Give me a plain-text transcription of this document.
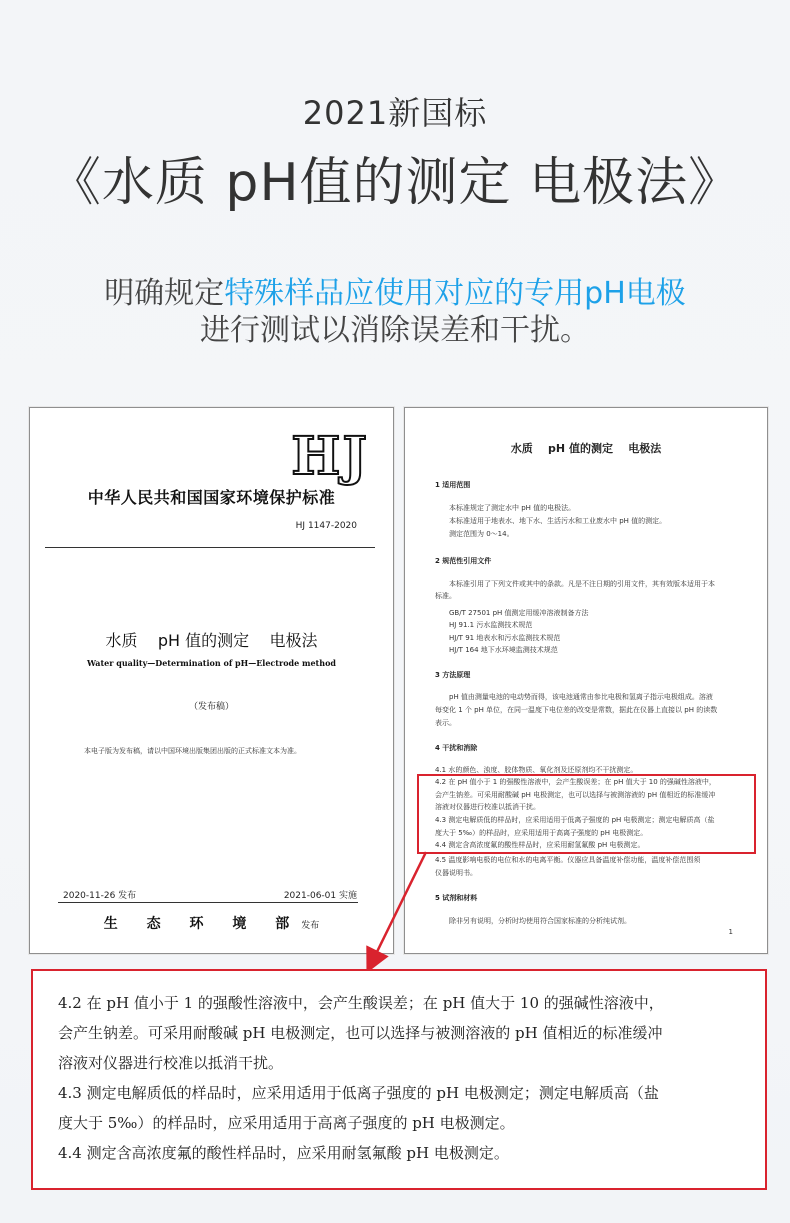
2021新国标
《水质 pH值的测定 电极法》
明确规定特殊样品应使用对应的专用pH电极
进行测试以消除误差和干扰。
HJ
中华人民共和国国家环境保护标准
HJ 1147-2020
水质    pH 值的测定    电极法
Water quality—Determination of pH—Electrode method
（发布稿）
本电子版为发布稿，请以中国环境出版集团出版的正式标准文本为准。
2020-11-26 发布	2021-06-01 实施
生 态 环 境 部发布
水质    pH 值的测定    电极法
1 适用范围
本标准规定了测定水中 pH 值的电极法。
本标准适用于地表水、地下水、生活污水和工业废水中 pH 值的测定。
测定范围为 0～14。
2 规范性引用文件
本标准引用了下列文件或其中的条款。凡是不注日期的引用文件，其有效版本适用于本
标准。
GB/T 27501 pH 值测定用缓冲溶液制备方法
HJ 91.1 污水监测技术规范
HJ/T 91 地表水和污水监测技术规范
HJ/T 164 地下水环境监测技术规范
3 方法原理
pH 值由测量电池的电动势而得，该电池通常由参比电极和氢离子指示电极组成。溶液
每变化 1 个 pH 单位，在同一温度下电位差的改变是常数，据此在仪器上直接以 pH 的读数
表示。
4 干扰和消除
4.1 水的颜色、浊度、胶体物质、氧化剂及还原剂均不干扰测定。
4.2 在 pH 值小于 1 的强酸性溶液中，会产生酸误差；在 pH 值大于 10 的强碱性溶液中，
会产生钠差。可采用耐酸碱 pH 电极测定，也可以选择与被测溶液的 pH 值相近的标准缓冲
溶液对仪器进行校准以抵消干扰。
4.3 测定电解质低的样品时，应采用适用于低离子强度的 pH 电极测定；测定电解质高（盐
度大于 5‰）的样品时，应采用适用于高离子强度的 pH 电极测定。
4.4 测定含高浓度氟的酸性样品时，应采用耐氢氟酸 pH 电极测定。
4.5 温度影响电极的电位和水的电离平衡。仪器应具备温度补偿功能，温度补偿范围须
仪器说明书。
5 试剂和材料
除非另有说明，分析时均使用符合国家标准的分析纯试剂。
1
4.2 在 pH 值小于 1 的强酸性溶液中，会产生酸误差；在 pH 值大于 10 的强碱性溶液中，
会产生钠差。可采用耐酸碱 pH 电极测定，也可以选择与被测溶液的 pH 值相近的标准缓冲
溶液对仪器进行校准以抵消干扰。
4.3 测定电解质低的样品时，应采用适用于低离子强度的 pH 电极测定；测定电解质高（盐
度大于 5‰）的样品时，应采用适用于高离子强度的 pH 电极测定。
4.4 测定含高浓度氟的酸性样品时，应采用耐氢氟酸 pH 电极测定。
